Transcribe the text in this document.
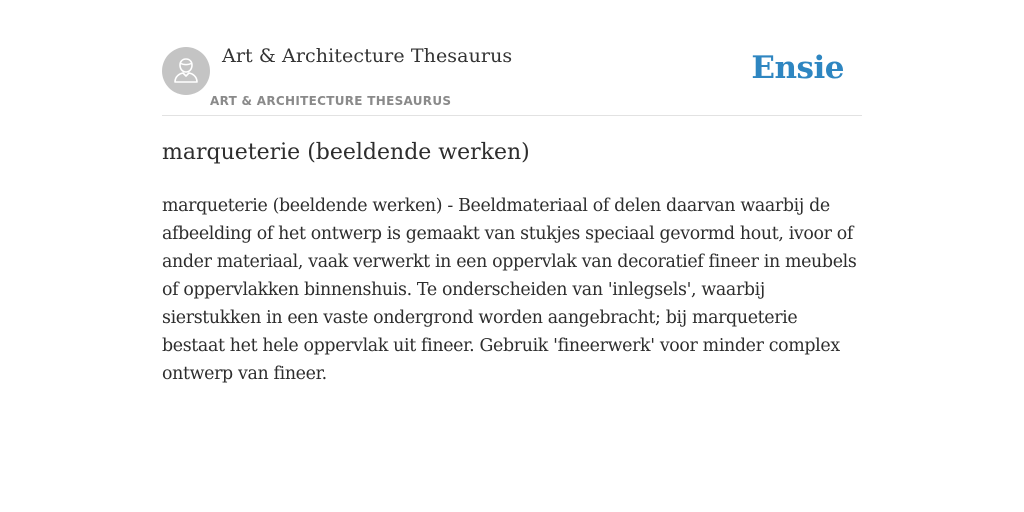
Art & Architecture Thesaurus
ART & ARCHITECTURE THESAURUS
Ensie
marqueterie (beeldende werken)

marqueterie (beeldende werken) - Beeldmateriaal of delen daarvan waarbij de afbeelding of het ontwerp is gemaakt van stukjes speciaal gevormd hout, ivoor of ander materiaal, vaak verwerkt in een oppervlak van decoratief fineer in meubels of oppervlakken binnenshuis. Te onderscheiden van 'inlegsels', waarbij sierstukken in een vaste ondergrond worden aangebracht; bij marqueterie bestaat het hele oppervlak uit fineer. Gebruik 'fineerwerk' voor minder complex ontwerp van fineer.
